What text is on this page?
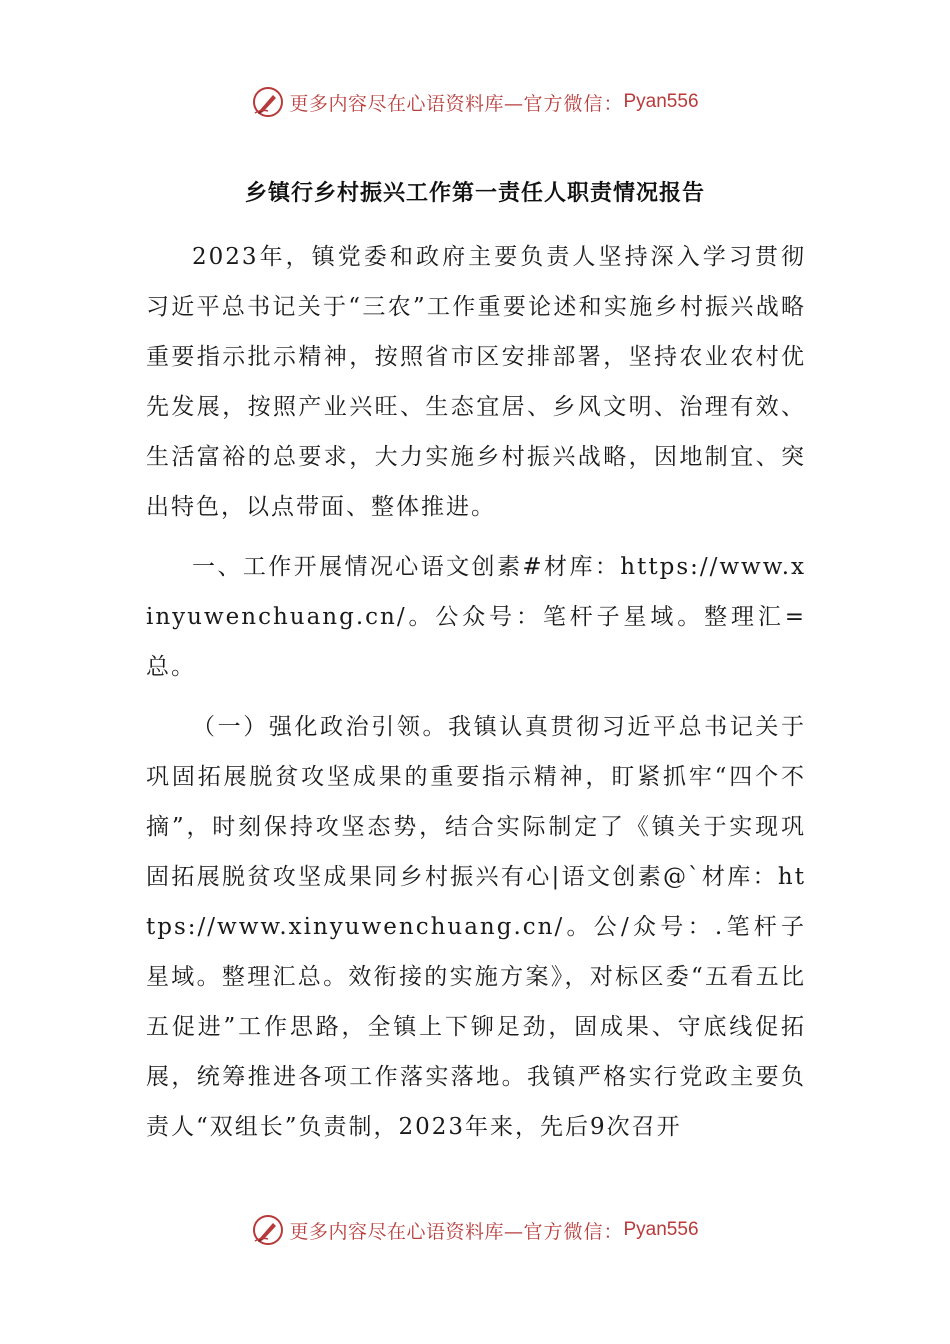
更多内容尽在心语资料库— 官方微信： Pyan556
乡镇行乡村振兴工作第一责任人职责情况报告

2023年，镇党委和政府主要负责人坚持深入学习贯彻习近平总书记关于“三农”工作重要论述和实施乡村振兴战略重要指示批示精神，按照省市区安排部署，坚持农业农村优先发展，按照产业兴旺、生态宜居、乡风文明、治理有效、生活富裕的总要求，大力实施乡村振兴战略，因地制宜、突出特色，以点带面、整体推进。

一、工作开展情况心语文创素#材库：https://www.xinyuwenchuang.cn/。公众号：笔杆子星域。整理汇=总。

（一）强化政治引领。我镇认真贯彻习近平总书记关于巩固拓展脱贫攻坚成果的重要指示精神，盯紧抓牢“四个不摘”，时刻保持攻坚态势，结合实际制定了《镇关于实现巩固拓展脱贫攻坚成果同乡村振兴有心|语文创素@`材库：https://www.xinyuwenchuang.cn/。公/众号：.笔杆子星域。整理汇总。效衔接的实施方案》，对标区委“五看五比五促进”工作思路，全镇上下铆足劲，固成果、守底线促拓展，统筹推进各项工作落实落地。我镇严格实行党政主要负责人“双组长”负责制，2023年来，先后9次召开

更多内容尽在心语资料库— 官方微信： Pyan556
